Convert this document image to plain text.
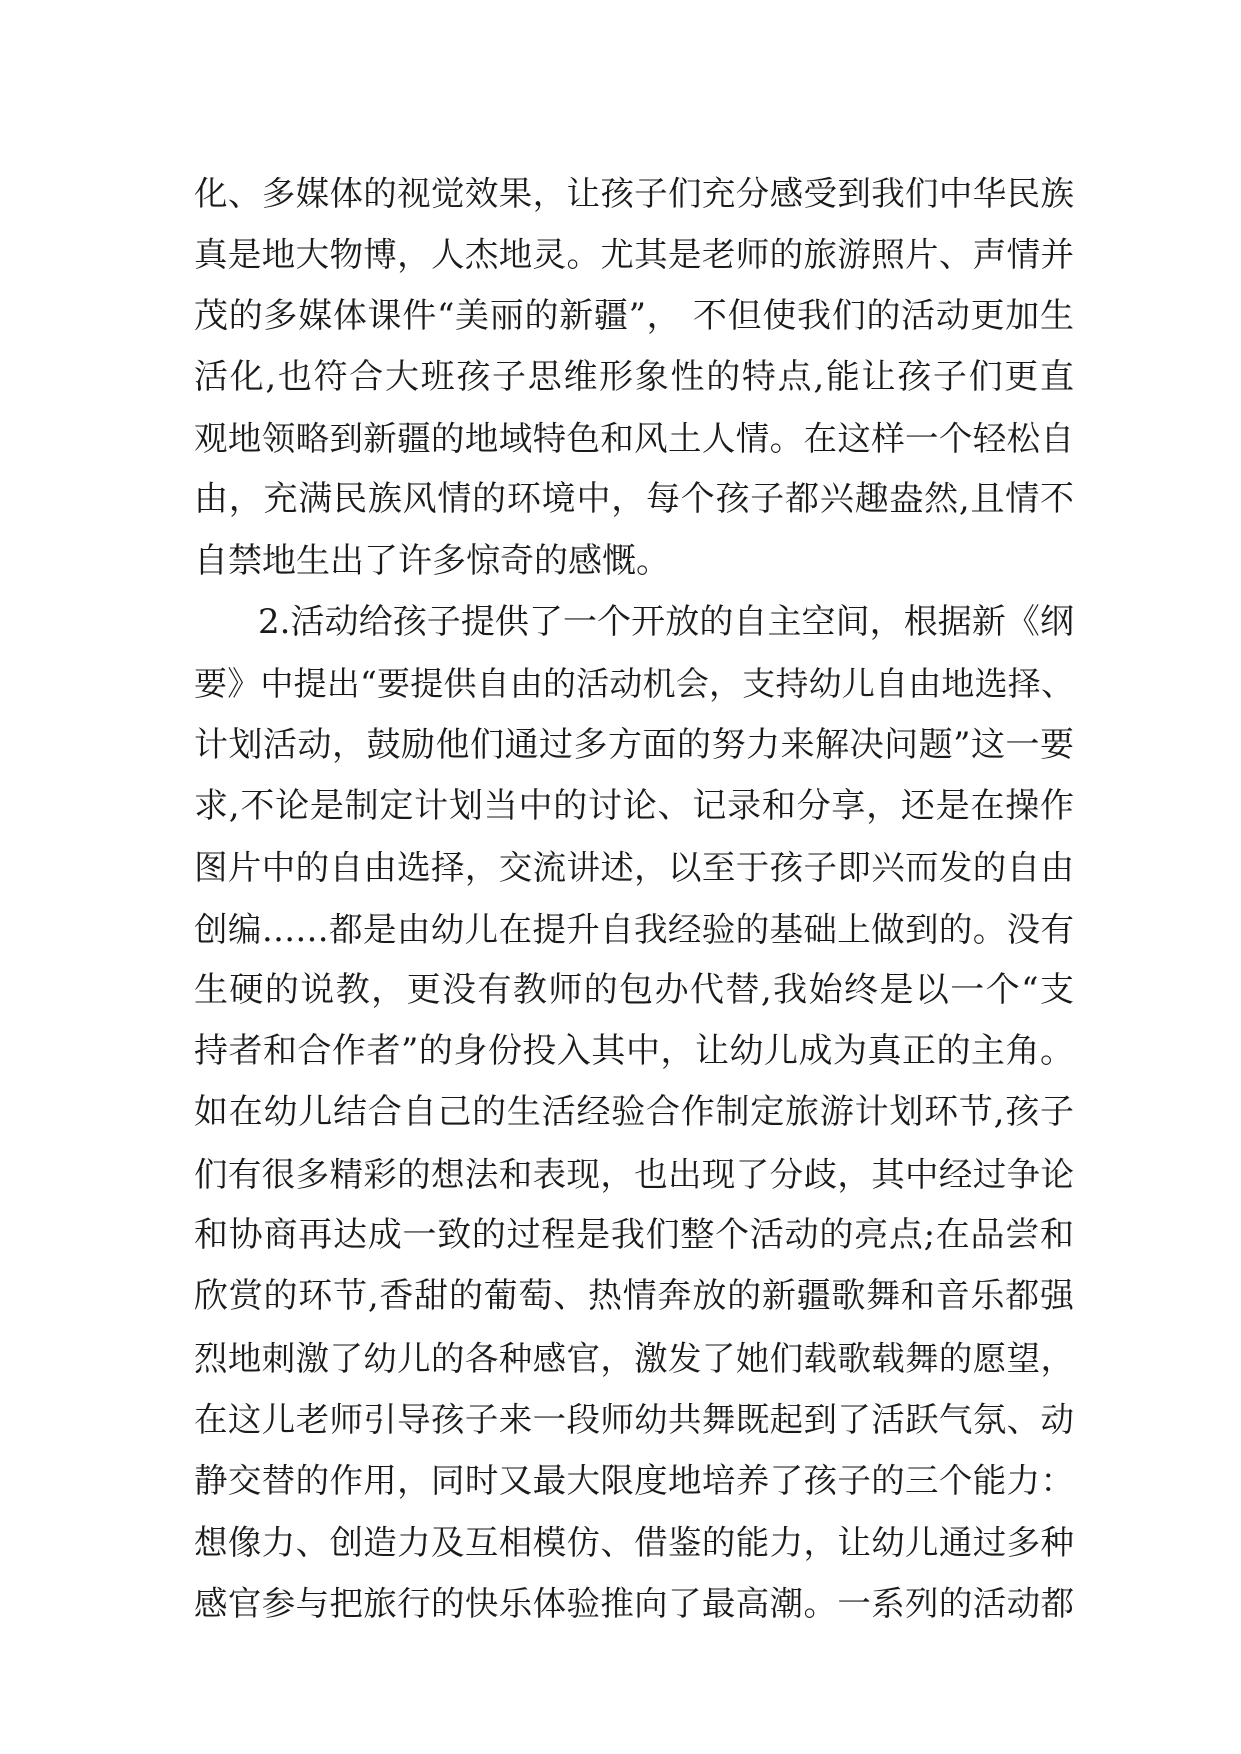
化、多媒体的视觉效果，让孩子们充分感受到我们中华民族
真是地大物博，人杰地灵。尤其是老师的旅游照片、声情并
茂的多媒体课件“美丽的新疆”， 不但使我们的活动更加生
活化,也符合大班孩子思维形象性的特点,能让孩子们更直
观地领略到新疆的地域特色和风土人情。在这样一个轻松自
由，充满民族风情的环境中，每个孩子都兴趣盎然,且情不
自禁地生出了许多惊奇的感慨。
2.活动给孩子提供了一个开放的自主空间，根据新《纲
要》中提出“要提供自由的活动机会，支持幼儿自由地选择、
计划活动，鼓励他们通过多方面的努力来解决问题”这一要
求,不论是制定计划当中的讨论、记录和分享，还是在操作
图片中的自由选择，交流讲述，以至于孩子即兴而发的自由
创编……都是由幼儿在提升自我经验的基础上做到的。没有
生硬的说教，更没有教师的包办代替,我始终是以一个“支
持者和合作者”的身份投入其中，让幼儿成为真正的主角。
如在幼儿结合自己的生活经验合作制定旅游计划环节,孩子
们有很多精彩的想法和表现，也出现了分歧，其中经过争论
和协商再达成一致的过程是我们整个活动的亮点;在品尝和
欣赏的环节,香甜的葡萄、热情奔放的新疆歌舞和音乐都强
烈地刺激了幼儿的各种感官，激发了她们载歌载舞的愿望，
在这儿老师引导孩子来一段师幼共舞既起到了活跃气氛、动
静交替的作用，同时又最大限度地培养了孩子的三个能力：
想像力、创造力及互相模仿、借鉴的能力，让幼儿通过多种
感官参与把旅行的快乐体验推向了最高潮。一系列的活动都
